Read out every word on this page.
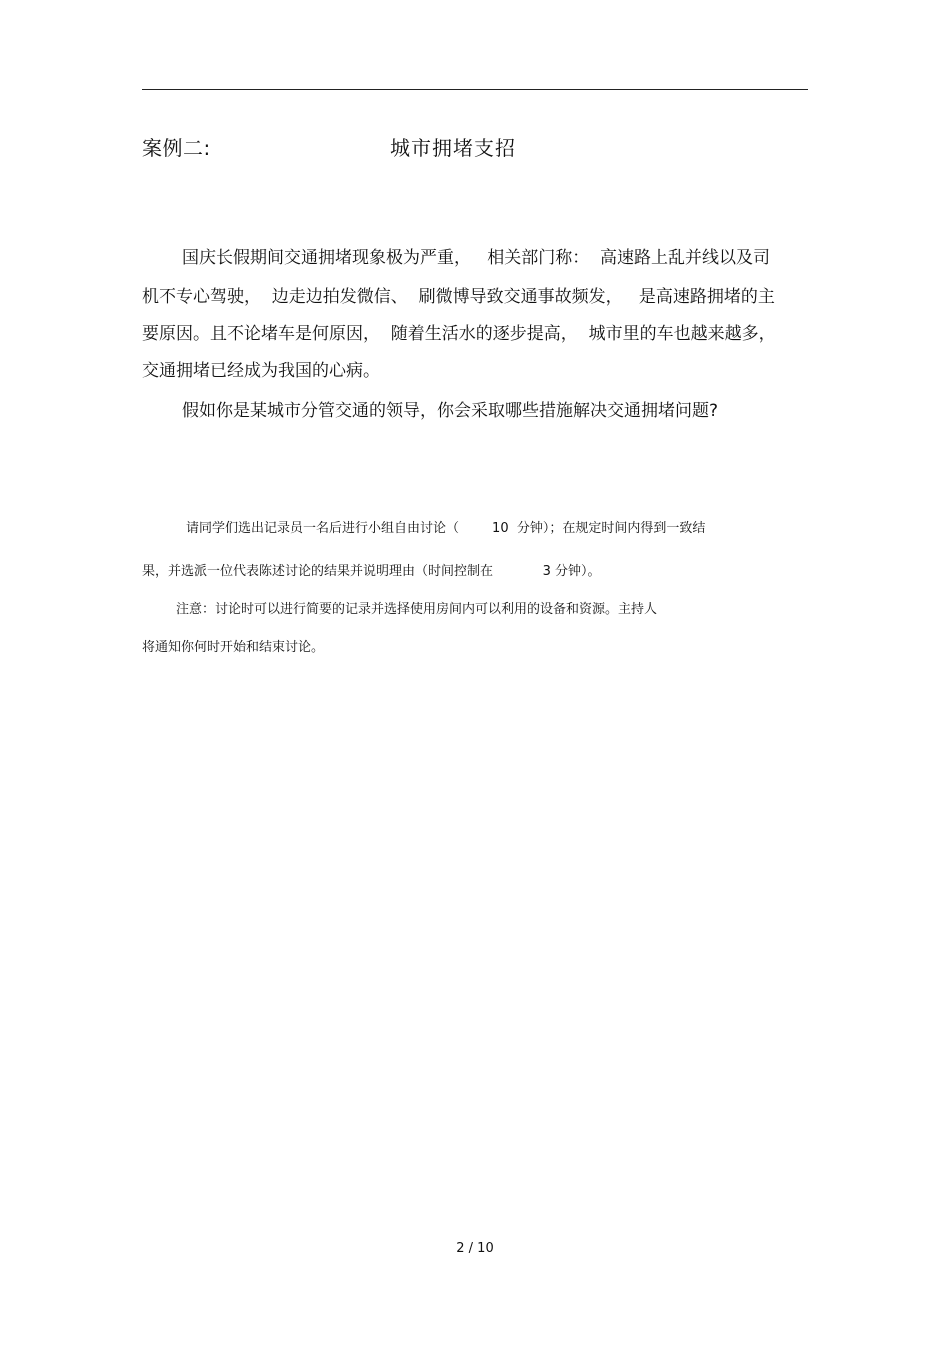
案例二:	城市拥堵支招
国庆长假期间交通拥堵现象极为严重，   相关部门称：  高速路上乱并线以及司
机不专心驾驶，  边走边拍发微信、  刷微博导致交通事故频发，   是高速路拥堵的主
要原因。且不论堵车是何原因，  随着生活水的逐步提高，  城市里的车也越来越多，
交通拥堵已经成为我国的心病。
假如你是某城市分管交通的领导，你会采取哪些措施解决交通拥堵问题?
请同学们选出记录员一名后进行小组自由讨论（        10  分钟）；在规定时间内得到一致结
果，并选派一位代表陈述讨论的结果并说明理由（时间控制在            3 分钟）。
注意：讨论时可以进行简要的记录并选择使用房间内可以利用的设备和资源。主持人
将通知你何时开始和结束讨论。
2 / 10
